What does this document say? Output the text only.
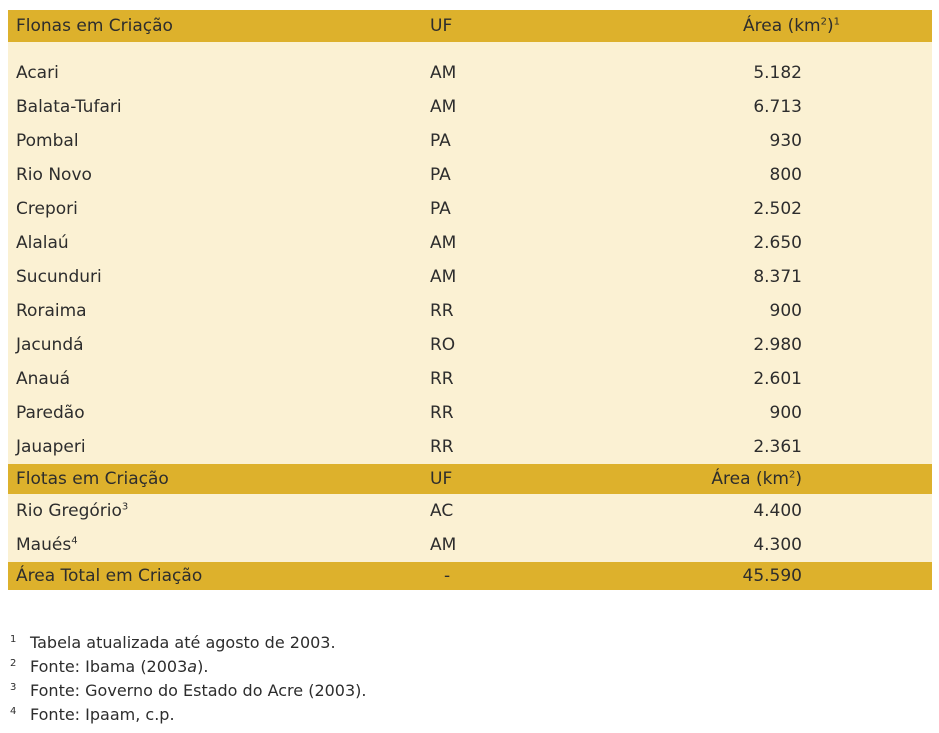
Flonas em Criação	UF	Área $(km^2)^1$
Acari	AM	5.182
Balata-Tufari	AM	6.713
Pombal	PA	930
Rio Novo	PA	800
Crepori	PA	2.502
Alalaú	AM	2.650
Sucunduri	AM	8.371
Roraima	RR	900
Jacundá	RO	2.980
Anauá	RR	2.601
Paredão	RR	900
Jauaperi	RR	2.361
Flotas em Criação	UF	Área $(km^2)$
Rio Gregório$^3$	AC	4.400
Maués$^4$	AM	4.300
Área Total em Criação	-	45.590
1 Tabela atualizada até agosto de 2003.
2 Fonte: Ibama (2003a).
3 Fonte: Governo do Estado do Acre (2003).
4 Fonte: Ipaam, c.p.
